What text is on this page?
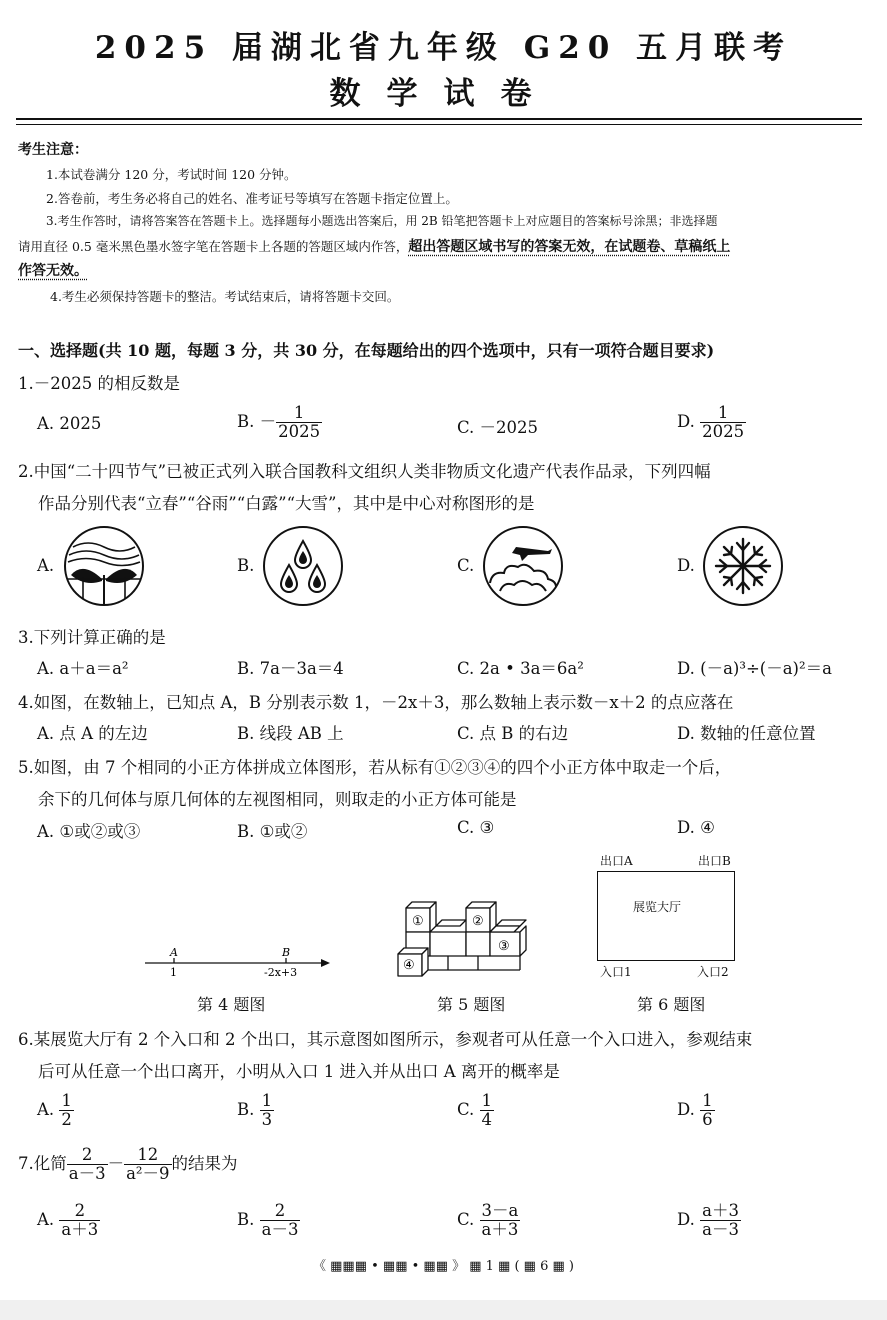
2025 届湖北省九年级 G20 五月联考
数学试卷
考生注意：
1.本试卷满分 120 分，考试时间 120 分钟。
2.答卷前，考生务必将自己的姓名、准考证号等填写在答题卡指定位置上。
3.考生作答时，请将答案答在答题卡上。选择题每小题选出答案后，用 2B 铅笔把答题卡上对应题目的答案标号涂黑；非选择题
请用直径 0.5 毫米黑色墨水签字笔在答题卡上各题的答题区域内作答，超出答题区域书写的答案无效，在试题卷、草稿纸上
作答无效。
4.考生必须保持答题卡的整洁。考试结束后，请将答题卡交回。
一、选择题(共 10 题，每题 3 分，共 30 分，在每题给出的四个选项中，只有一项符合题目要求)
1.－2025 的相反数是
A. 2025	B. － $\frac{1}{2025}$	C. －2025	D. $\frac{1}{2025}$
2.中国“二十四节气”已被正式列入联合国教科文组织人类非物质文化遗产代表作品录，下列四幅
作品分别代表“立春”“谷雨”“白露”“大雪”，其中是中心对称图形的是
A.	B.	C.	D.
3.下列计算正确的是
A. a＋a＝a²	B. 7a－3a＝4	C. 2a • 3a＝6a²	D. (－a)³÷(－a)²＝a
4.如图，在数轴上，已知点 A，B 分别表示数 1，－2x＋3，那么数轴上表示数－x＋2 的点应落在
A. 点 A 的左边	B. 线段 AB 上	C. 点 B 的右边	D. 数轴的任意位置
5.如图，由 7 个相同的小正方体拼成立体图形，若从标有①②③④的四个小正方体中取走一个后，
余下的几何体与原几何体的左视图相同，则取走的小正方体可能是
A. ①或②或③	B. ①或②	C. ③	D. ④
A	B
1	-2x+3
第 4 题图
①	②
③
④
第 5 题图
出口A	出口B
展览大厅
入口1	入口2
第 6 题图
6.某展览大厅有 2 个入口和 2 个出口，其示意图如图所示，参观者可从任意一个入口进入，参观结束
后可从任意一个出口离开，小明从入口 1 进入并从出口 A 离开的概率是
A. $\frac{1}{2}$	B. $\frac{1}{3}$	C. $\frac{1}{4}$	D. $\frac{1}{6}$
7.化简 $\frac{2}{a-3} - \frac{12}{\text{a²－9}}$ 的结果为
A. $\frac{2}{a+3}$	B. $\frac{2}{a-3}$	C. $\frac{3-a}{a+3}$	D. $\frac{a+3}{a-3}$
《 ▦▦▦ • ▦▦ • ▦▦ 》 ▦ 1 ▦ ( ▦ 6 ▦ )
